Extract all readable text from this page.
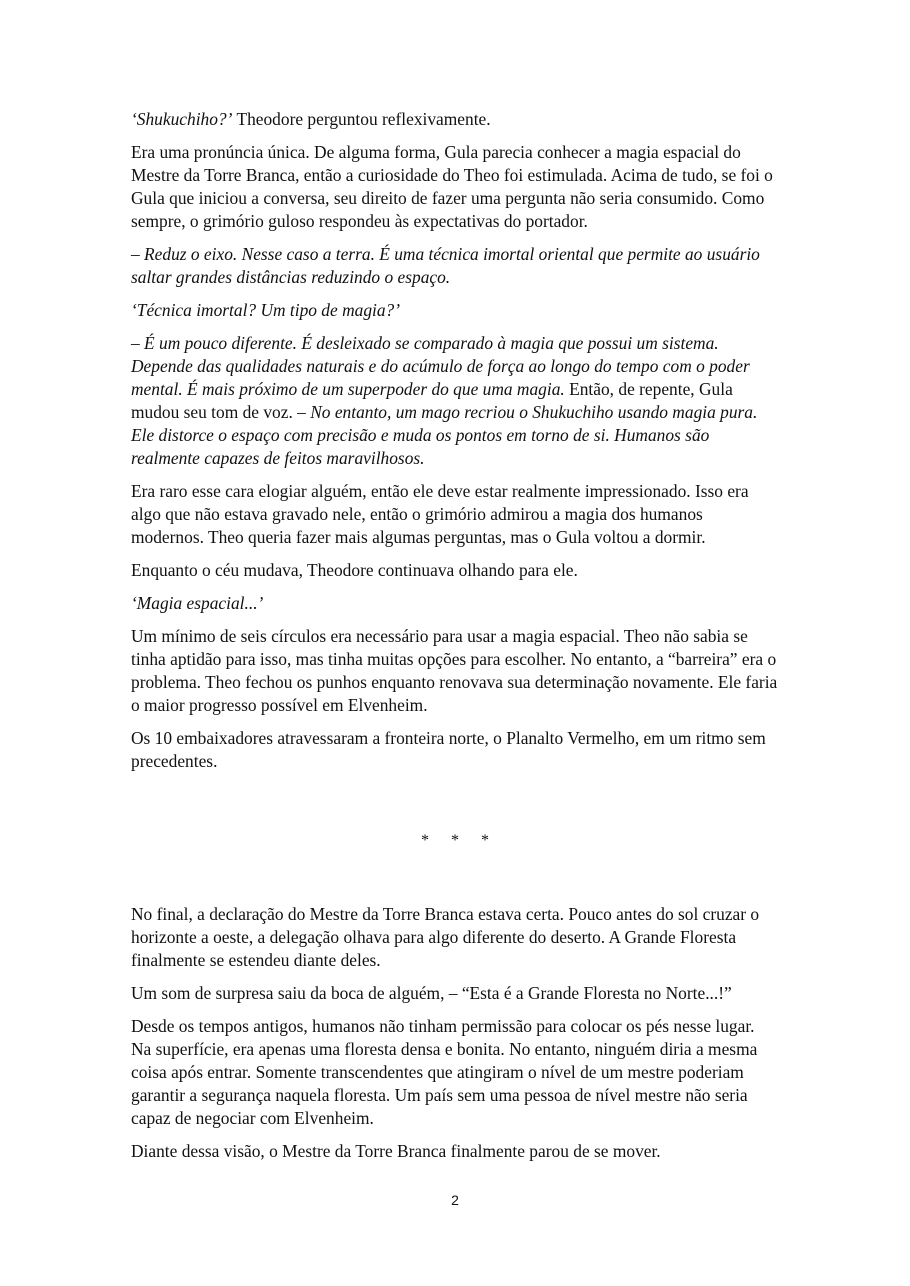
‘Shukuchiho?’ Theodore perguntou reflexivamente.

Era uma pronúncia única. De alguma forma, Gula parecia conhecer a magia espacial do Mestre da Torre Branca, então a curiosidade do Theo foi estimulada. Acima de tudo, se foi o Gula que iniciou a conversa, seu direito de fazer uma pergunta não seria consumido. Como sempre, o grimório guloso respondeu às expectativas do portador.

– Reduz o eixo. Nesse caso a terra. É uma técnica imortal oriental que permite ao usuário saltar grandes distâncias reduzindo o espaço.

‘Técnica imortal? Um tipo de magia?’

– É um pouco diferente. É desleixado se comparado à magia que possui um sistema. Depende das qualidades naturais e do acúmulo de força ao longo do tempo com o poder mental. É mais próximo de um superpoder do que uma magia. Então, de repente, Gula mudou seu tom de voz. – No entanto, um mago recriou o Shukuchiho usando magia pura. Ele distorce o espaço com precisão e muda os pontos em torno de si. Humanos são realmente capazes de feitos maravilhosos.

Era raro esse cara elogiar alguém, então ele deve estar realmente impressionado. Isso era algo que não estava gravado nele, então o grimório admirou a magia dos humanos modernos. Theo queria fazer mais algumas perguntas, mas o Gula voltou a dormir.

Enquanto o céu mudava, Theodore continuava olhando para ele.

‘Magia espacial...’

Um mínimo de seis círculos era necessário para usar a magia espacial. Theo não sabia se tinha aptidão para isso, mas tinha muitas opções para escolher. No entanto, a “barreira” era o problema. Theo fechou os punhos enquanto renovava sua determinação novamente. Ele faria o maior progresso possível em Elvenheim.

Os 10 embaixadores atravessaram a fronteira norte, o Planalto Vermelho, em um ritmo sem precedentes.

* * *

No final, a declaração do Mestre da Torre Branca estava certa. Pouco antes do sol cruzar o horizonte a oeste, a delegação olhava para algo diferente do deserto. A Grande Floresta finalmente se estendeu diante deles.

Um som de surpresa saiu da boca de alguém, – “Esta é a Grande Floresta no Norte...!”

Desde os tempos antigos, humanos não tinham permissão para colocar os pés nesse lugar. Na superfície, era apenas uma floresta densa e bonita. No entanto, ninguém diria a mesma coisa após entrar. Somente transcendentes que atingiram o nível de um mestre poderiam garantir a segurança naquela floresta. Um país sem uma pessoa de nível mestre não seria capaz de negociar com Elvenheim.

Diante dessa visão, o Mestre da Torre Branca finalmente parou de se mover.

2
